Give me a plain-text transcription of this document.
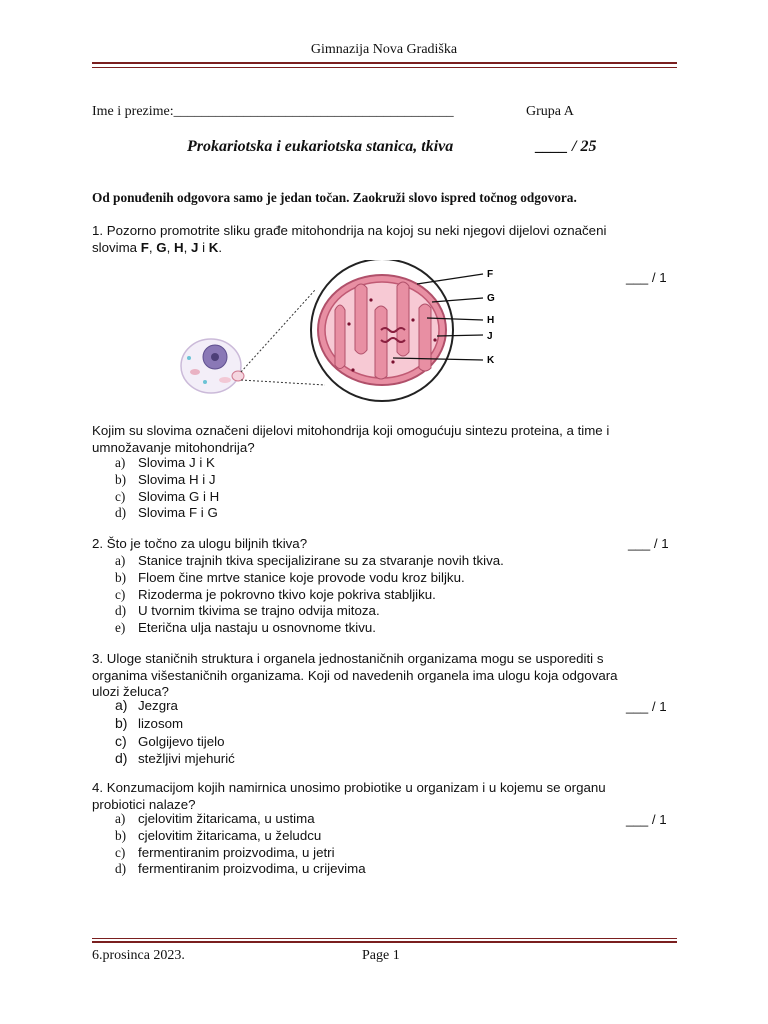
Gimnazija Nova Gradiška
Ime i prezime:________________________________________	Grupa A
Prokariotska i eukariotska stanica, tkiva	____ / 25
Od ponuđenih odgovora samo je jedan točan. Zaokruži slovo ispred točnog odgovora.
1. Pozorno promotrite sliku građe mitohondrija na kojoj su neki njegovi dijelovi označeni
slovima F, G, H, J i K.
___ / 1
F
G
H
J
K
Kojim su slovima označeni dijelovi mitohondrija koji omogućuju sintezu proteina, a time i
umnožavanje mitohondrija?
a) Slovima J i K
b) Slovima H i J
c) Slovima G i H
d) Slovima F i G
2. Što je točno za ulogu biljnih tkiva?	___ / 1
a) Stanice trajnih tkiva specijalizirane su za stvaranje novih tkiva.
b) Floem čine mrtve stanice koje provode vodu kroz biljku.
c) Rizoderma je pokrovno tkivo koje pokriva stabljiku.
d) U tvornim tkivima se trajno odvija mitoza.
e) Eterična ulja nastaju u osnovnome tkivu.
3. Uloge staničnih struktura i organela jednostaničnih organizama mogu se usporediti s
organima višestaničnih organizama. Koji od navedenih organela ima ulogu koja odgovara
ulozi želuca?
___ / 1
a) Jezgra
b) lizosom
c) Golgijevo tijelo
d) stežljivi mjehurić
4. Konzumacijom kojih namirnica unosimo probiotike u organizam i u kojemu se organu
probiotici nalaze?
___ / 1
a) cjelovitim žitaricama, u ustima
b) cjelovitim žitaricama, u želudcu
c) fermentiranim proizvodima, u jetri
d) fermentiranim proizvodima, u crijevima
6.prosinca 2023.	Page 1
